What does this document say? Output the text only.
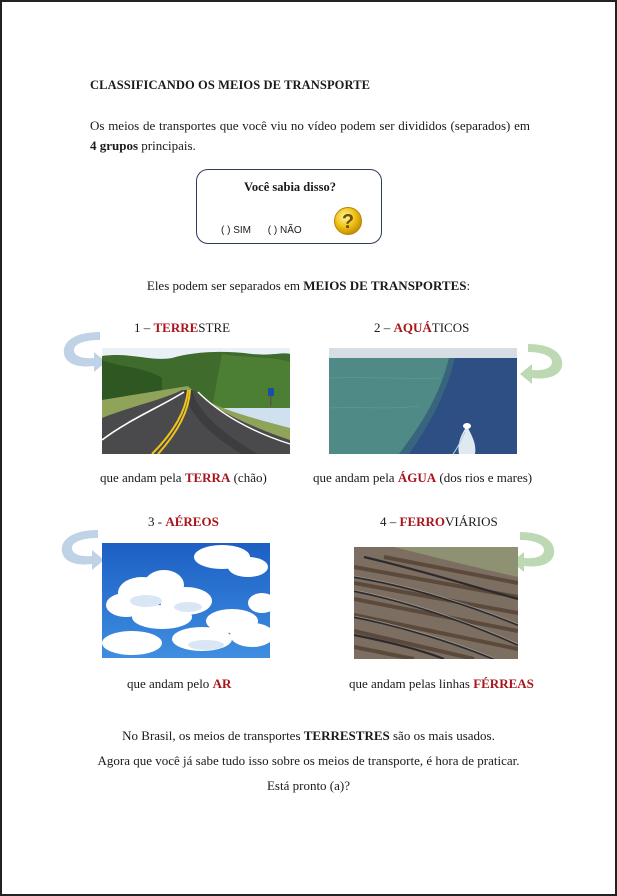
CLASSIFICANDO OS MEIOS DE TRANSPORTE
Os meios de transportes que você viu no vídeo podem ser divididos (separados) em 4 grupos principais.
Você sabia disso?
( ) SIM ( ) NÃO	?
Eles podem ser separados em MEIOS DE TRANSPORTES:
1 – TERRESTRE	2 – AQUÁTICOS
que andam pela TERRA (chão)	que andam pela ÁGUA (dos rios e mares)
3 - AÉREOS	4 – FERROVIÁRIOS
que andam pelo AR	que andam pelas linhas FÉRREAS
No Brasil, os meios de transportes TERRESTRES são os mais usados.
Agora que você já sabe tudo isso sobre os meios de transporte, é hora de praticar.
Está pronto (a)?
